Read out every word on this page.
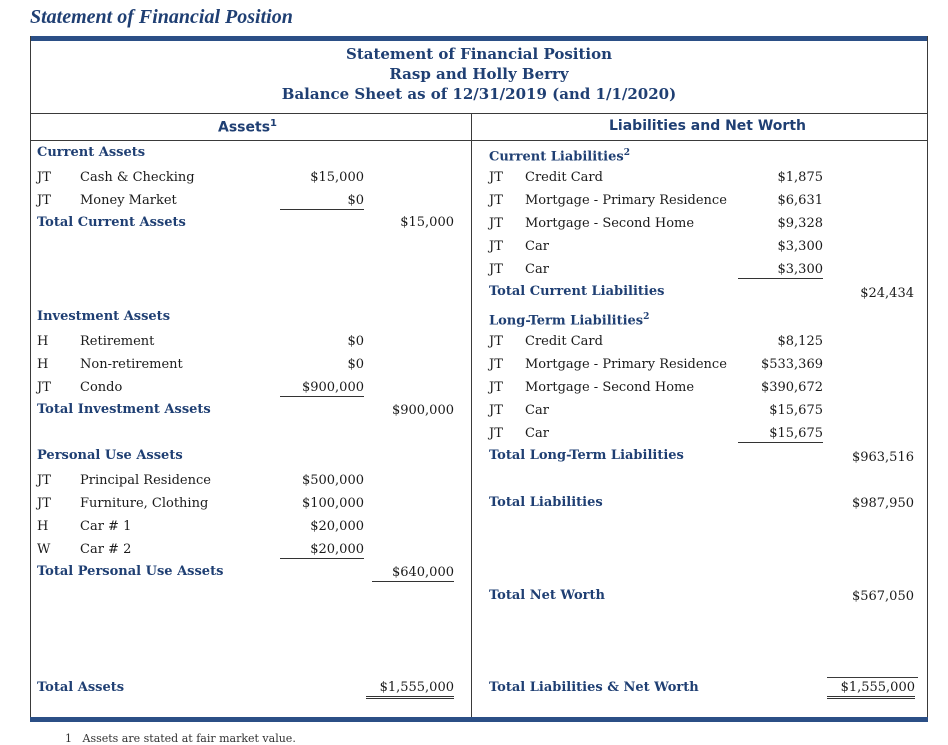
Statement of Financial Position
Statement of Financial Position
Rasp and Holly Berry
Balance Sheet as of 12/31/2019 (and 1/1/2020)
Assets$^1$	Liabilities and Net Worth
Current Assets
JT Cash & Checking	$15,000
JT Money Market	$0
Total Current Assets	$15,000
Investment Assets
H Retirement	$0
H Non-retirement	$0
JT Condo	$900,000
Total Investment Assets	$900,000
Personal Use Assets
JT Principal Residence	$500,000
JT Furniture, Clothing	$100,000
H Car # 1	$20,000
W Car # 2	$20,000
Total Personal Use Assets	$640,000
Total Assets	$1,555,000
Current Liabilities$^2$
JT Credit Card	$1,875
JT Mortgage - Primary Residence	$6,631
JT Mortgage - Second Home	$9,328
JT Car	$3,300
JT Car	$3,300
Total Current Liabilities	$24,434
Long-Term Liabilities$^2$
JT Credit Card	$8,125
JT Mortgage - Primary Residence	$533,369
JT Mortgage - Second Home	$390,672
JT Car	$15,675
JT Car	$15,675
Total Long-Term Liabilities	$963,516
Total Liabilities	$987,950
Total Net Worth	$567,050
Total Liabilities & Net Worth	$1,555,000
1 Assets are stated at fair market value.
